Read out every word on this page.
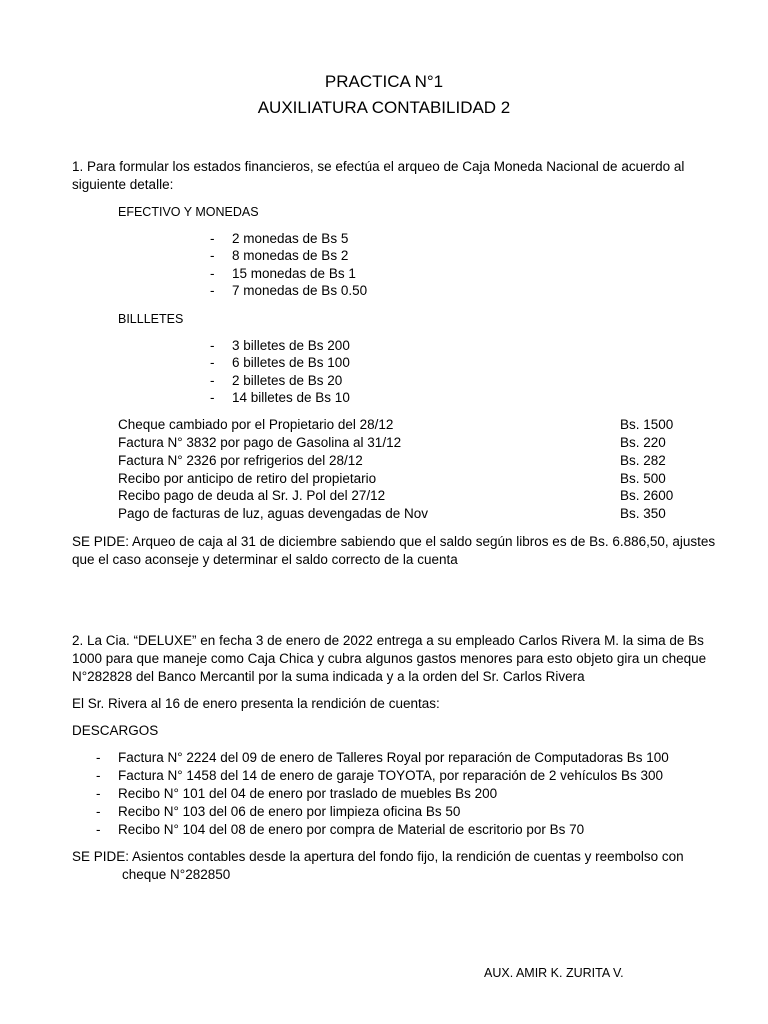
PRACTICA N°1
AUXILIATURA CONTABILIDAD 2
1. Para formular los estados financieros, se efectúa el arqueo de Caja Moneda Nacional de acuerdo al
siguiente detalle:
EFECTIVO Y MONEDAS
- 2 monedas de Bs 5
- 8 monedas de Bs 2
- 15 monedas de Bs 1
- 7 monedas de Bs 0.50
BILLLETES
- 3 billetes de Bs 200
- 6 billetes de Bs 100
- 2 billetes de Bs 20
- 14 billetes de Bs 10
Cheque cambiado por el Propietario del 28/12	Bs. 1500
Factura N° 3832 por pago de Gasolina al 31/12	Bs. 220
Factura N° 2326 por refrigerios del 28/12	Bs. 282
Recibo por anticipo de retiro del propietario	Bs. 500
Recibo pago de deuda al Sr. J. Pol del 27/12	Bs. 2600
Pago de facturas de luz, aguas devengadas de Nov	Bs. 350
SE PIDE: Arqueo de caja al 31 de diciembre sabiendo que el saldo según libros es de Bs. 6.886,50, ajustes
que el caso aconseje y determinar el saldo correcto de la cuenta
2. La Cia. “DELUXE” en fecha 3 de enero de 2022 entrega a su empleado Carlos Rivera M. la sima de Bs
1000 para que maneje como Caja Chica y cubra algunos gastos menores para esto objeto gira un cheque
N°282828 del Banco Mercantil por la suma indicada y a la orden del Sr. Carlos Rivera
El Sr. Rivera al 16 de enero presenta la rendición de cuentas:
DESCARGOS
- Factura N° 2224 del 09 de enero de Talleres Royal por reparación de Computadoras Bs 100
- Factura N° 1458 del 14 de enero de garaje TOYOTA, por reparación de 2 vehículos Bs 300
- Recibo N° 101 del 04 de enero por traslado de muebles Bs 200
- Recibo N° 103 del 06 de enero por limpieza oficina Bs 50
- Recibo N° 104 del 08 de enero por compra de Material de escritorio por Bs 70
SE PIDE: Asientos contables desde la apertura del fondo fijo, la rendición de cuentas y reembolso con
cheque N°282850
AUX. AMIR K. ZURITA V.
